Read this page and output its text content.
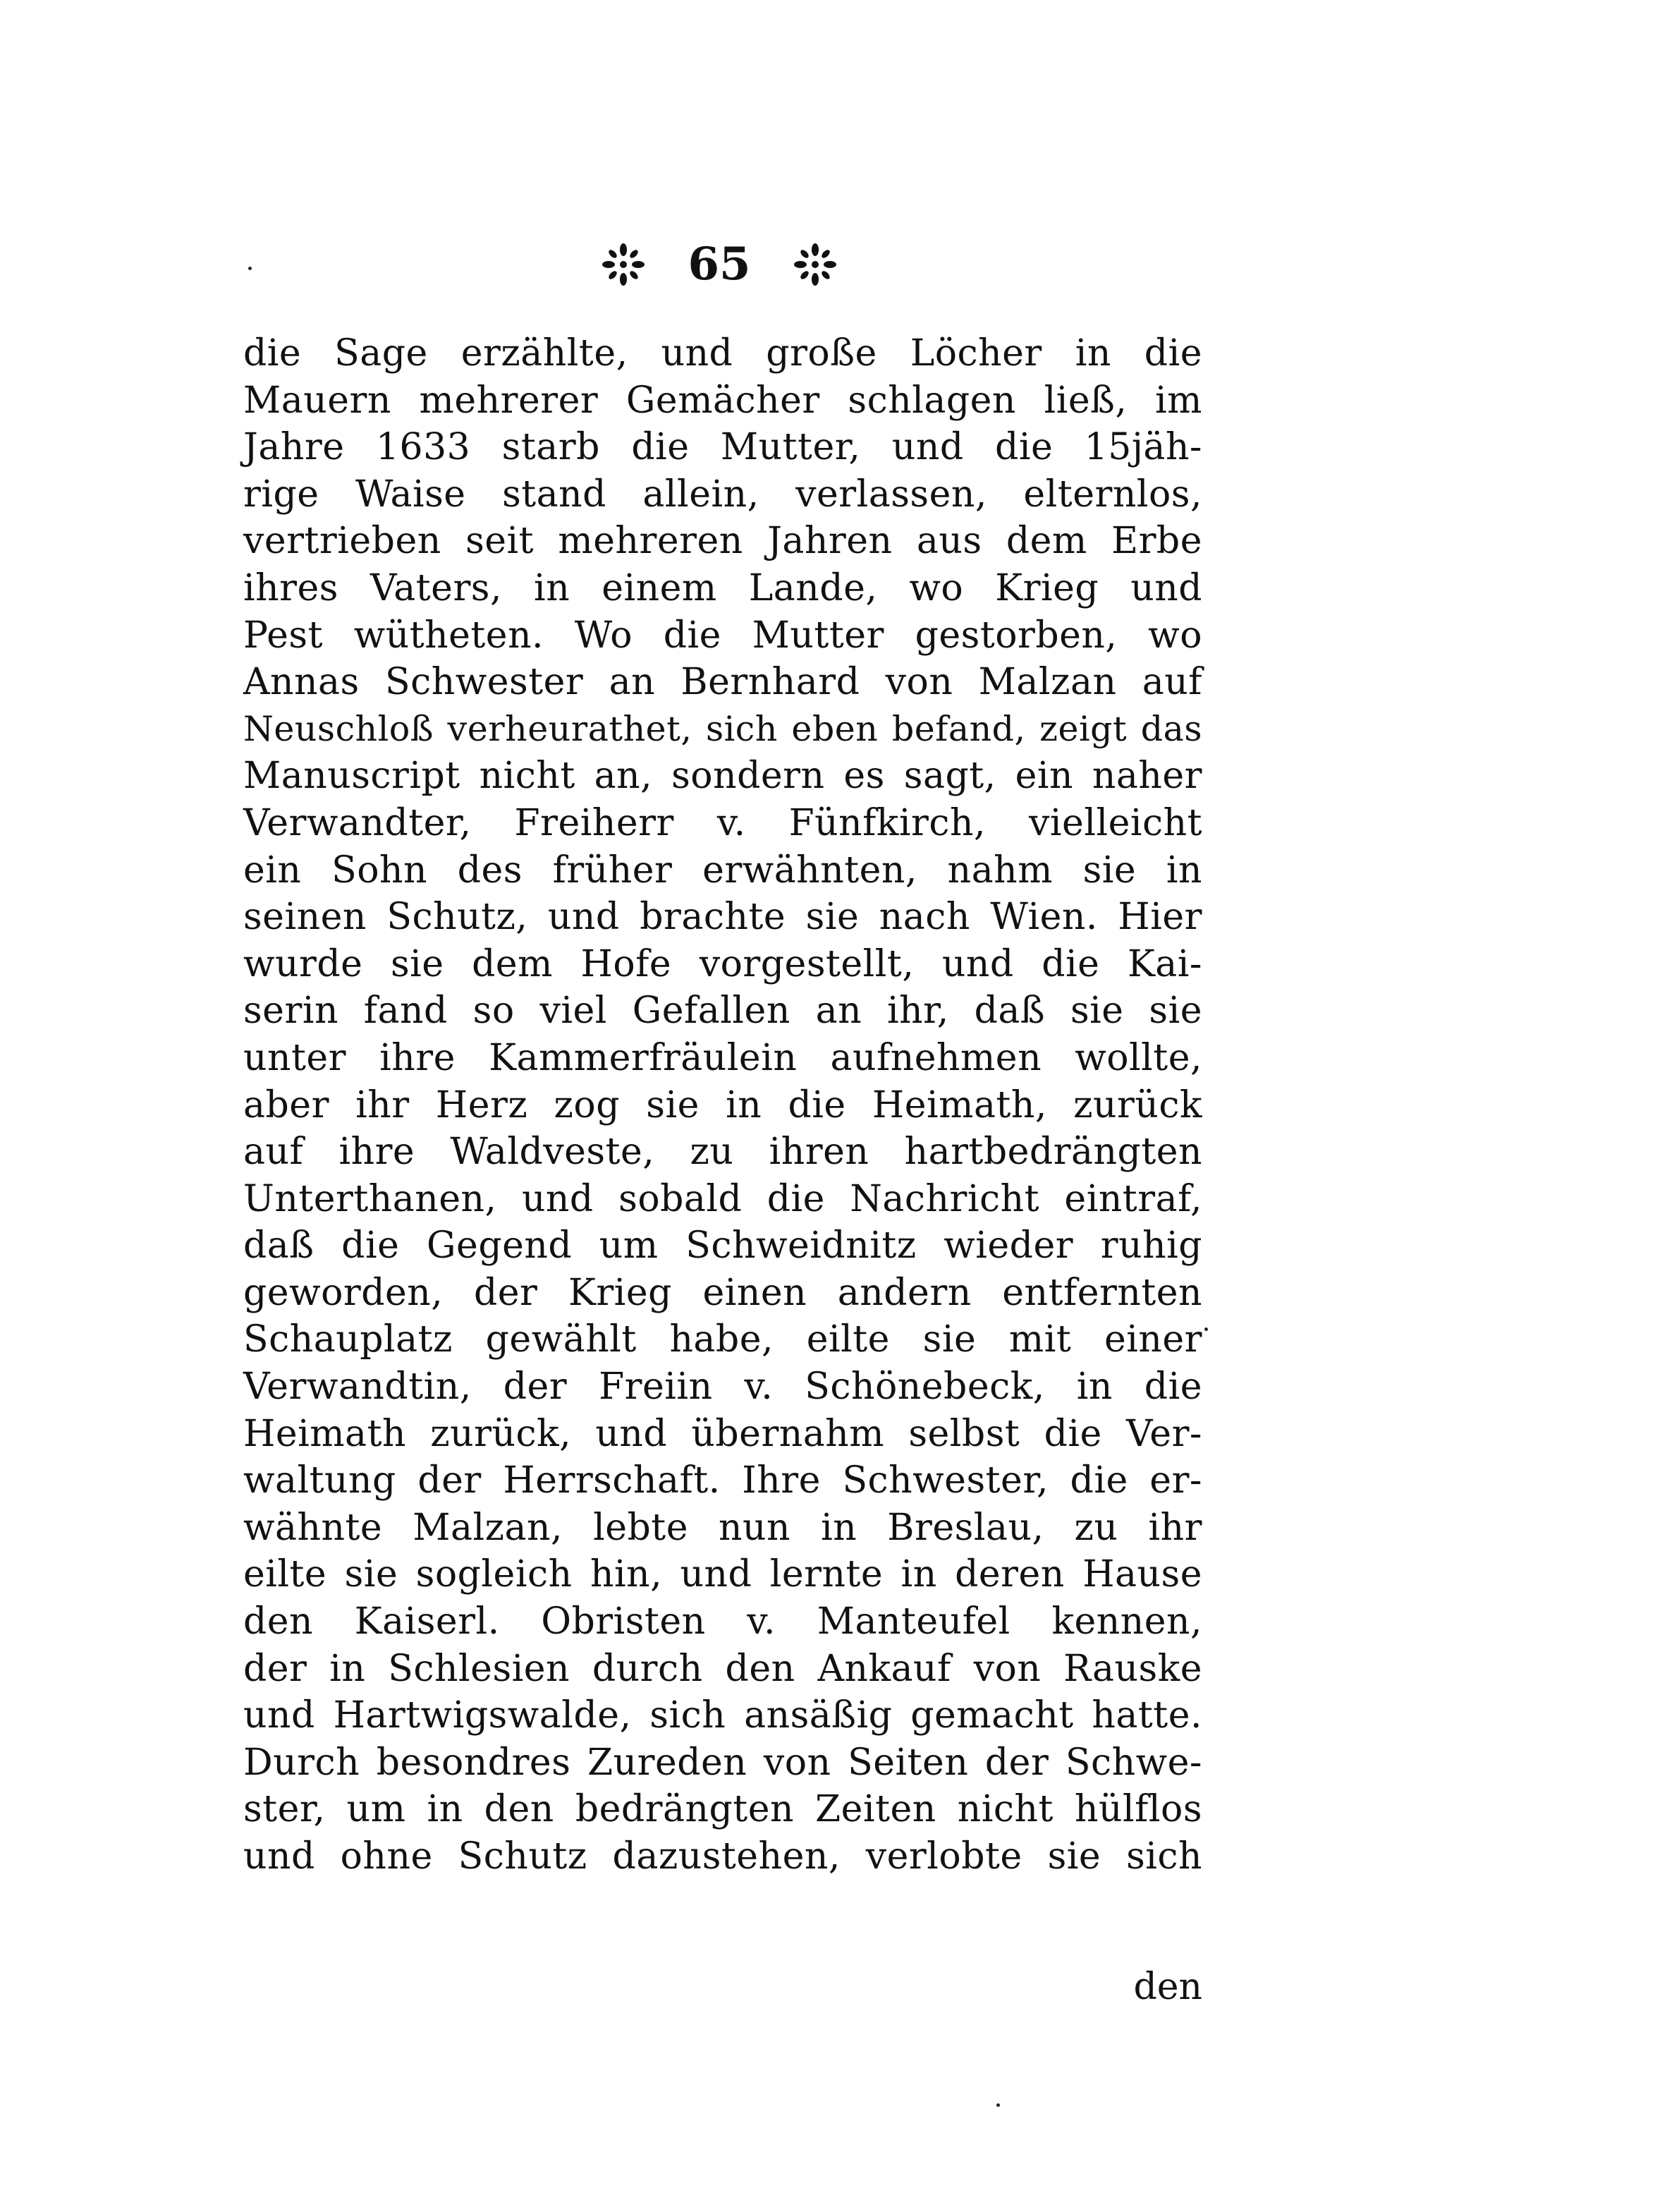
65
die Sage erzählte, und große Löcher in die
Mauern mehrerer Gemächer schlagen ließ, im
Jahre 1633 starb die Mutter, und die 15jäh-
rige Waise stand allein, verlassen, elternlos,
vertrieben seit mehreren Jahren aus dem Erbe
ihres Vaters, in einem Lande, wo Krieg und
Pest wütheten. Wo die Mutter gestorben, wo
Annas Schwester an Bernhard von Malzan auf
Neuschloß verheurathet, sich eben befand, zeigt das
Manuscript nicht an, sondern es sagt, ein naher
Verwandter, Freiherr v. Fünfkirch, vielleicht
ein Sohn des früher erwähnten, nahm sie in
seinen Schutz, und brachte sie nach Wien. Hier
wurde sie dem Hofe vorgestellt, und die Kai-
serin fand so viel Gefallen an ihr, daß sie sie
unter ihre Kammerfräulein aufnehmen wollte,
aber ihr Herz zog sie in die Heimath, zurück
auf ihre Waldveste, zu ihren hartbedrängten
Unterthanen, und sobald die Nachricht eintraf,
daß die Gegend um Schweidnitz wieder ruhig
geworden, der Krieg einen andern entfernten
Schauplatz gewählt habe, eilte sie mit einer
Verwandtin, der Freiin v. Schönebeck, in die
Heimath zurück, und übernahm selbst die Ver-
waltung der Herrschaft. Ihre Schwester, die er-
wähnte Malzan, lebte nun in Breslau, zu ihr
eilte sie sogleich hin, und lernte in deren Hause
den Kaiserl. Obristen v. Manteufel kennen,
der in Schlesien durch den Ankauf von Rauske
und Hartwigswalde, sich ansäßig gemacht hatte.
Durch besondres Zureden von Seiten der Schwe-
ster, um in den bedrängten Zeiten nicht hülflos
und ohne Schutz dazustehen, verlobte sie sich
den
